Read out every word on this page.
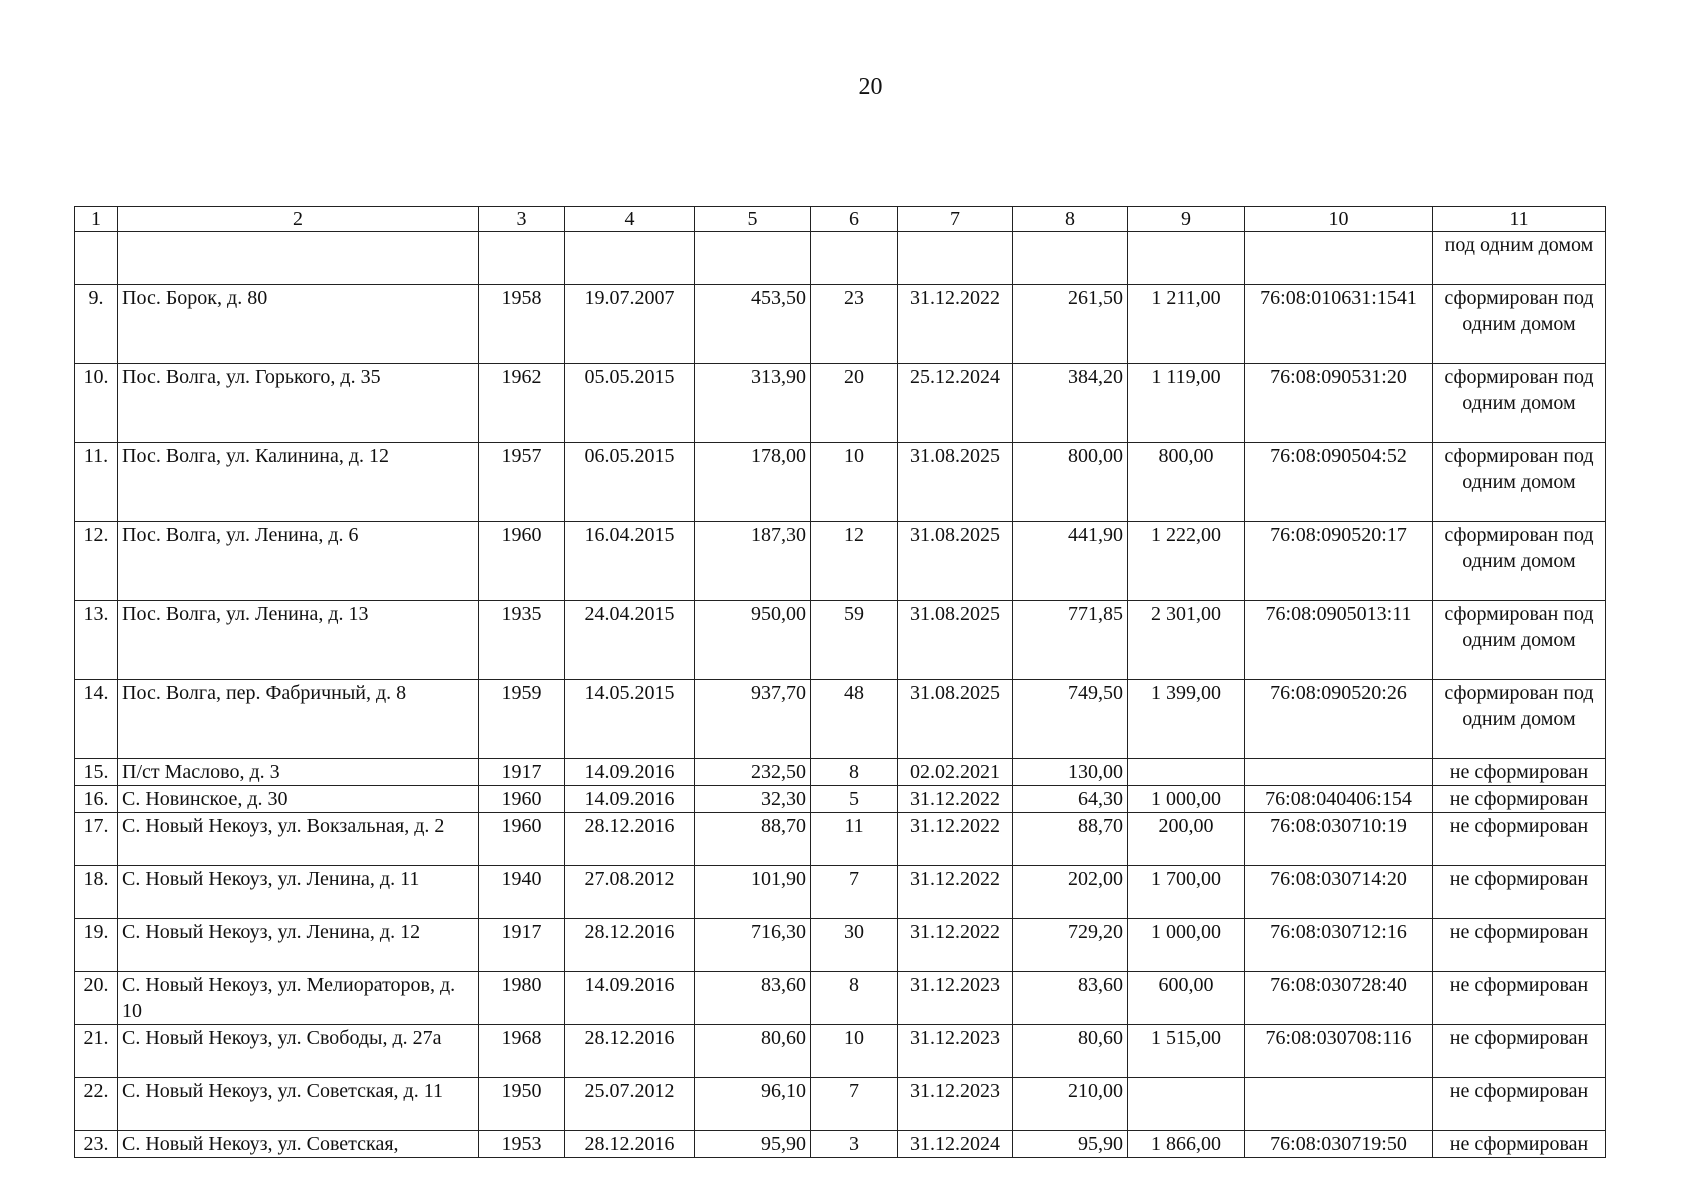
20
1	2	3	4	5	6	7	8	9	10	11
										под одним домом
9.	Пос. Борок, д. 80	1958	19.07.2007	453,50	23	31.12.2022	261,50	1 211,00	76:08:010631:1541	сформирован под одним домом
10.	Пос. Волга, ул. Горького, д. 35	1962	05.05.2015	313,90	20	25.12.2024	384,20	1 119,00	76:08:090531:20	сформирован под одним домом
11.	Пос. Волга, ул. Калинина, д. 12	1957	06.05.2015	178,00	10	31.08.2025	800,00	800,00	76:08:090504:52	сформирован под одним домом
12.	Пос. Волга, ул. Ленина, д. 6	1960	16.04.2015	187,30	12	31.08.2025	441,90	1 222,00	76:08:090520:17	сформирован под одним домом
13.	Пос. Волга, ул. Ленина, д. 13	1935	24.04.2015	950,00	59	31.08.2025	771,85	2 301,00	76:08:0905013:11	сформирован под одним домом
14.	Пос. Волга, пер. Фабричный, д. 8	1959	14.05.2015	937,70	48	31.08.2025	749,50	1 399,00	76:08:090520:26	сформирован под одним домом
15.	П/ст Маслово, д. 3	1917	14.09.2016	232,50	8	02.02.2021	130,00			не сформирован
16.	С. Новинское, д. 30	1960	14.09.2016	32,30	5	31.12.2022	64,30	1 000,00	76:08:040406:154	не сформирован
17.	С. Новый Некоуз, ул. Вокзальная, д. 2	1960	28.12.2016	88,70	11	31.12.2022	88,70	200,00	76:08:030710:19	не сформирован
18.	С. Новый Некоуз, ул. Ленина, д. 11	1940	27.08.2012	101,90	7	31.12.2022	202,00	1 700,00	76:08:030714:20	не сформирован
19.	С. Новый Некоуз, ул. Ленина, д. 12	1917	28.12.2016	716,30	30	31.12.2022	729,20	1 000,00	76:08:030712:16	не сформирован
20.	С. Новый Некоуз, ул. Мелиораторов, д. 10	1980	14.09.2016	83,60	8	31.12.2023	83,60	600,00	76:08:030728:40	не сформирован
21.	С. Новый Некоуз, ул. Свободы, д. 27а	1968	28.12.2016	80,60	10	31.12.2023	80,60	1 515,00	76:08:030708:116	не сформирован
22.	С. Новый Некоуз, ул. Советская, д. 11	1950	25.07.2012	96,10	7	31.12.2023	210,00			не сформирован
23.	С. Новый Некоуз, ул. Советская,	1953	28.12.2016	95,90	3	31.12.2024	95,90	1 866,00	76:08:030719:50	не сформирован
